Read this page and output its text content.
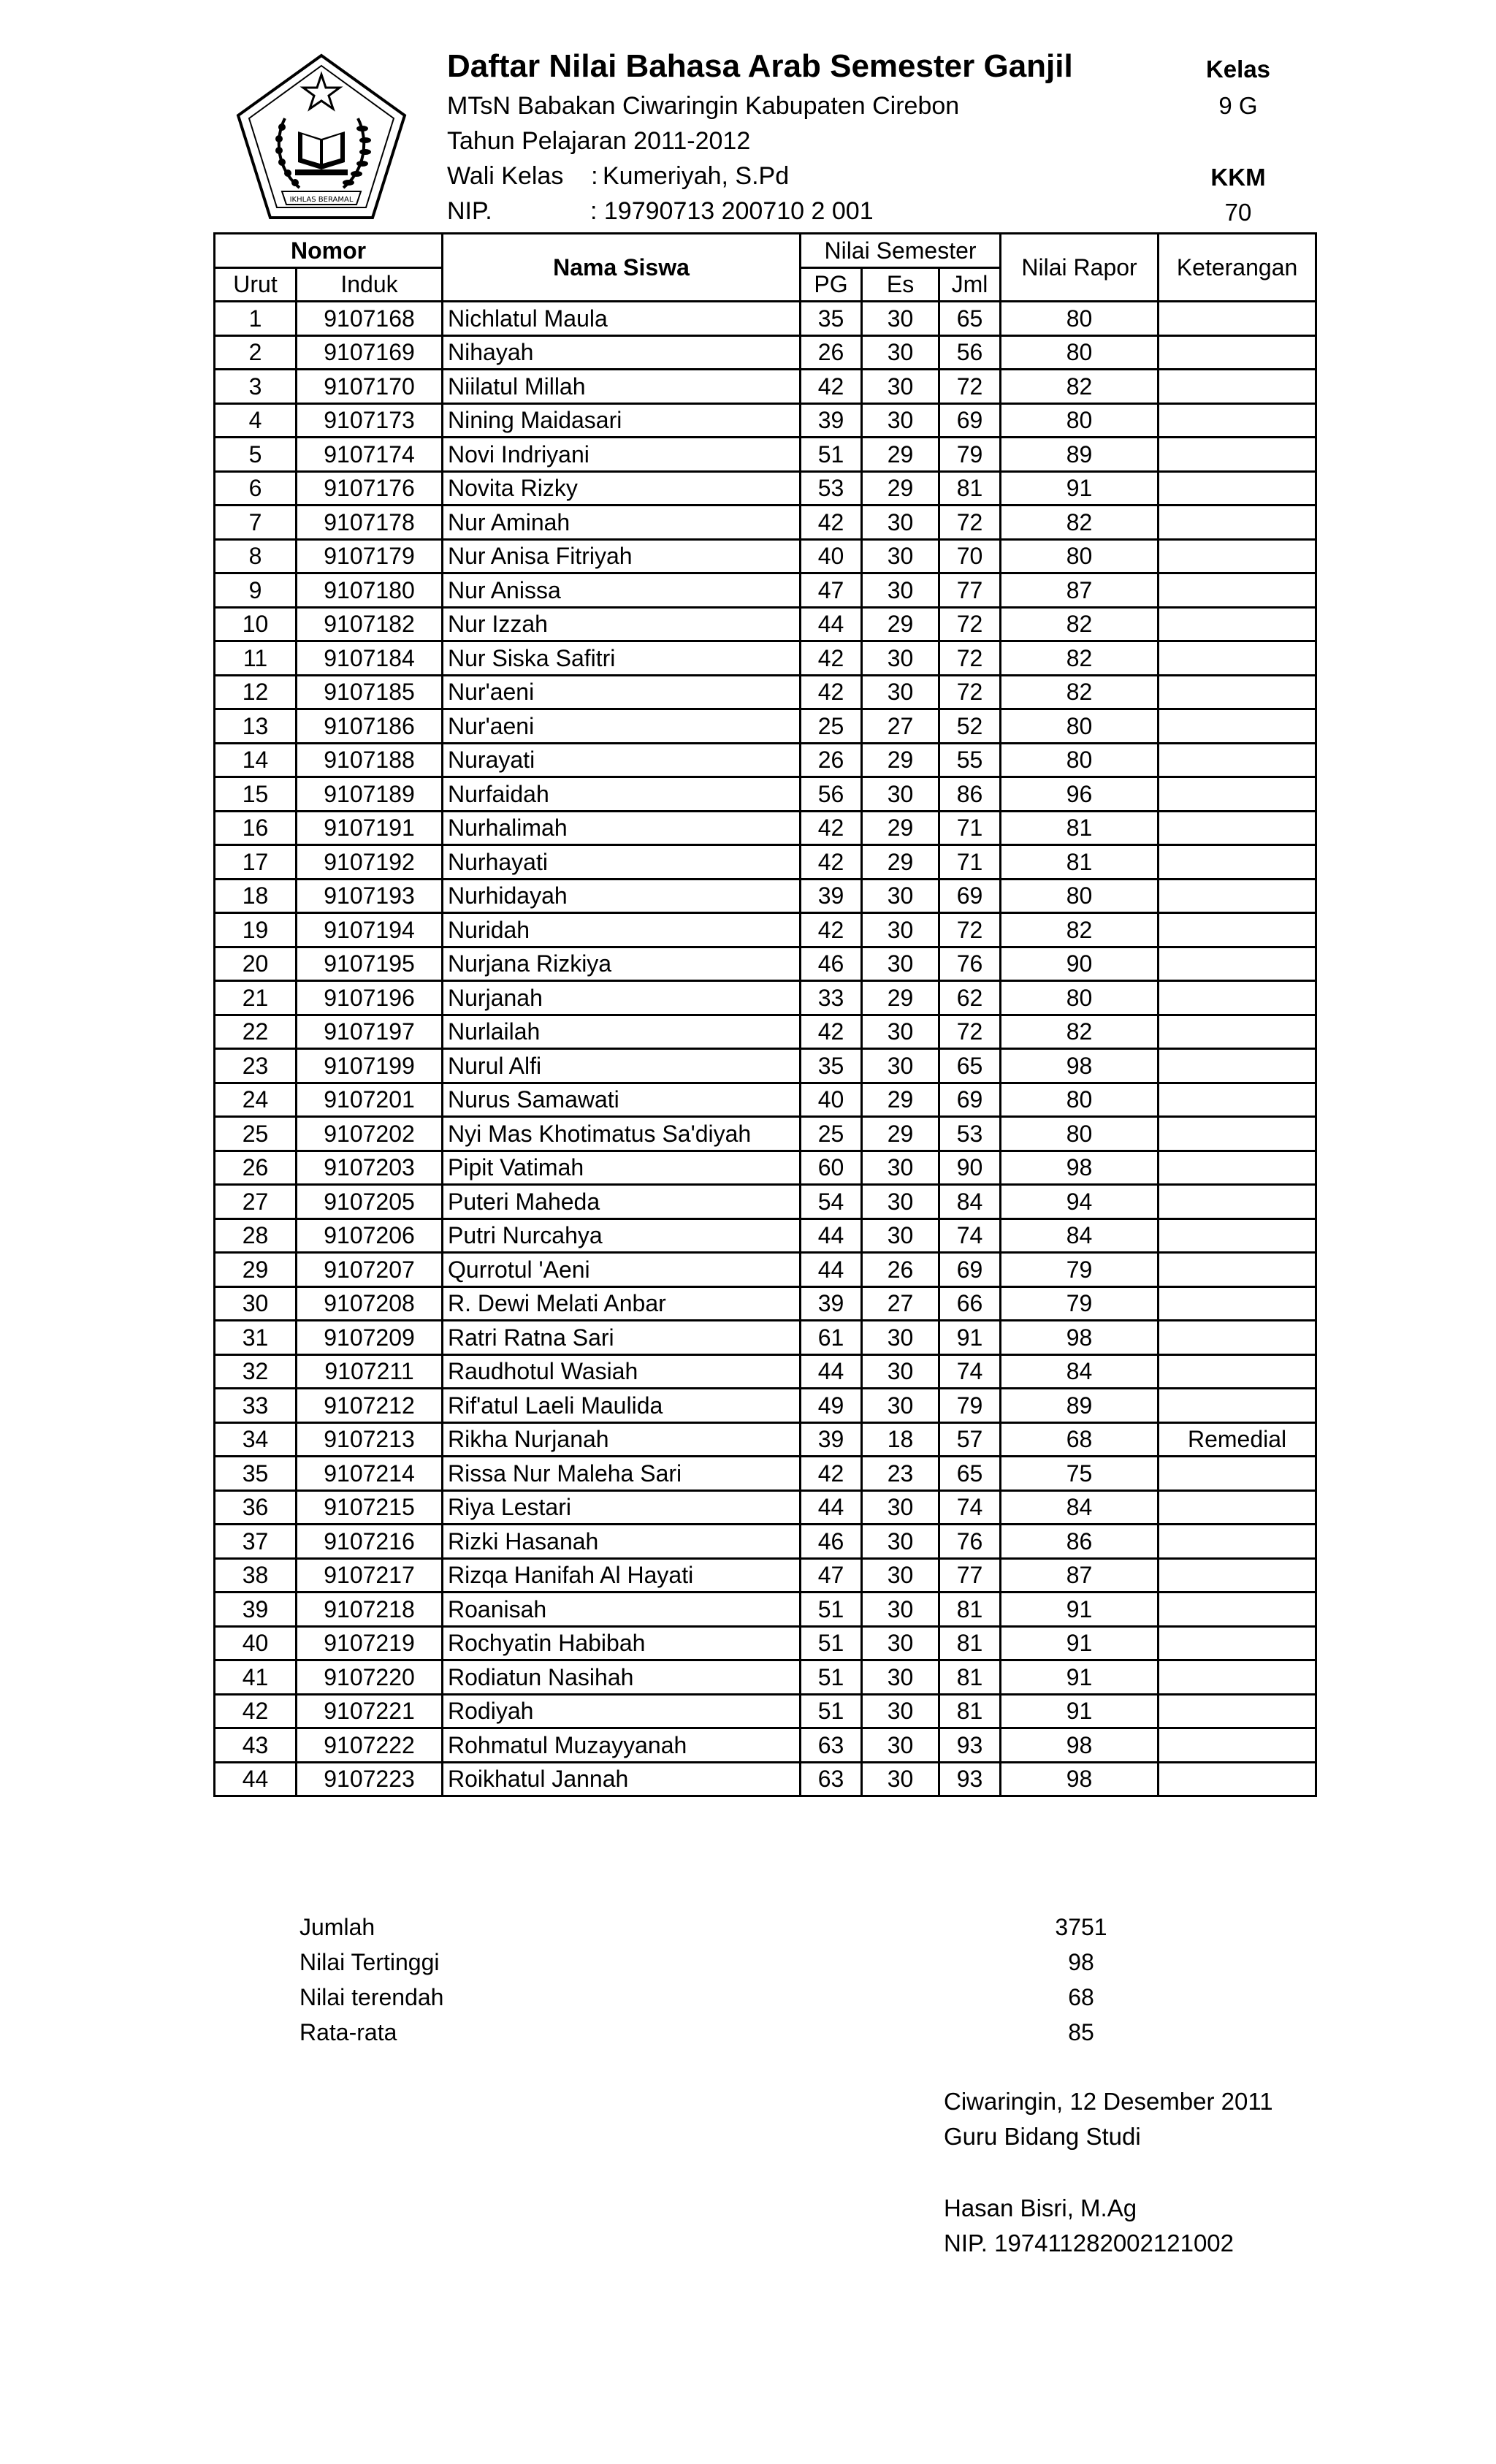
IKHLAS BERAMAL
Daftar Nilai Bahasa Arab Semester Ganjil
MTsN Babakan Ciwaringin Kabupaten Cirebon
Tahun Pelajaran 2011-2012
Wali Kelas    : Kumeriyah, S.Pd
NIP.	: 19790713 200710 2 001
Kelas
9 G
KKM
70
Nomor		Nama Siswa	Nilai Semester			Nilai Rapor	Keterangan
Urut	Induk		PG	Es	Jml		
1	9107168	Nichlatul Maula	35	30	65	80	
2	9107169	Nihayah	26	30	56	80	
3	9107170	Niilatul Millah	42	30	72	82	
4	9107173	Nining Maidasari	39	30	69	80	
5	9107174	Novi Indriyani	51	29	79	89	
6	9107176	Novita Rizky	53	29	81	91	
7	9107178	Nur Aminah	42	30	72	82	
8	9107179	Nur Anisa Fitriyah	40	30	70	80	
9	9107180	Nur Anissa	47	30	77	87	
10	9107182	Nur Izzah	44	29	72	82	
11	9107184	Nur Siska Safitri	42	30	72	82	
12	9107185	Nur'aeni	42	30	72	82	
13	9107186	Nur'aeni	25	27	52	80	
14	9107188	Nurayati	26	29	55	80	
15	9107189	Nurfaidah	56	30	86	96	
16	9107191	Nurhalimah	42	29	71	81	
17	9107192	Nurhayati	42	29	71	81	
18	9107193	Nurhidayah	39	30	69	80	
19	9107194	Nuridah	42	30	72	82	
20	9107195	Nurjana Rizkiya	46	30	76	90	
21	9107196	Nurjanah	33	29	62	80	
22	9107197	Nurlailah	42	30	72	82	
23	9107199	Nurul Alfi	35	30	65	98	
24	9107201	Nurus Samawati	40	29	69	80	
25	9107202	Nyi Mas Khotimatus Sa'diyah	25	29	53	80	
26	9107203	Pipit Vatimah	60	30	90	98	
27	9107205	Puteri Maheda	54	30	84	94	
28	9107206	Putri Nurcahya	44	30	74	84	
29	9107207	Qurrotul 'Aeni	44	26	69	79	
30	9107208	R. Dewi Melati Anbar	39	27	66	79	
31	9107209	Ratri Ratna Sari	61	30	91	98	
32	9107211	Raudhotul Wasiah	44	30	74	84	
33	9107212	Rif'atul Laeli Maulida	49	30	79	89	
34	9107213	Rikha Nurjanah	39	18	57	68	Remedial
35	9107214	Rissa Nur Maleha Sari	42	23	65	75	
36	9107215	Riya Lestari	44	30	74	84	
37	9107216	Rizki Hasanah	46	30	76	86	
38	9107217	Rizqa Hanifah Al Hayati	47	30	77	87	
39	9107218	Roanisah	51	30	81	91	
40	9107219	Rochyatin Habibah	51	30	81	91	
41	9107220	Rodiatun Nasihah	51	30	81	91	
42	9107221	Rodiyah	51	30	81	91	
43	9107222	Rohmatul Muzayyanah	63	30	93	98	
44	9107223	Roikhatul Jannah	63	30	93	98	
Jumlah	3751
Nilai Tertinggi	98
Nilai terendah	68
Rata-rata	85
Ciwaringin, 12 Desember 2011
Guru Bidang Studi
Hasan Bisri, M.Ag
NIP. 197411282002121002
